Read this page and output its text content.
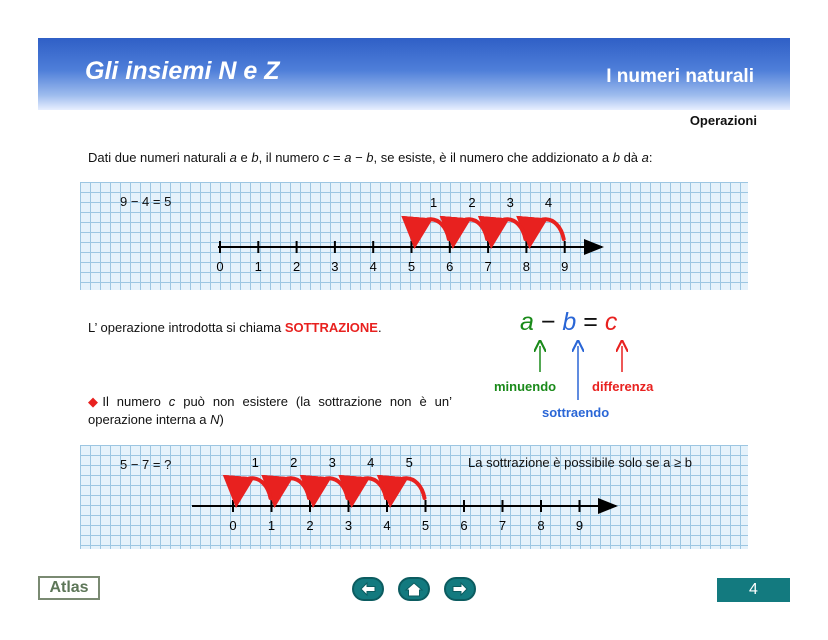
Gli insiemi N e Z	I numeri naturali
Operazioni
Dati due numeri naturali a e b, il numero c = a − b, se esiste, è il numero che addizionato a b dà a:
9 − 4 = 5
0 1 2 3 4 5 6 7 8 9
4
3
2
1
L’ operazione introdotta si chiama SOTTRAZIONE.	a − b = c
minuendo
sottraendo
differenza
◆Il numero c può non esistere (la sottrazione non è un’ operazione interna a N)
5 − 7 = ?	La sottrazione è possibile solo se a ≥ b
0 1 2 3 4 5 6 7 8 9
5
4
3
2
1
Atlas	4
